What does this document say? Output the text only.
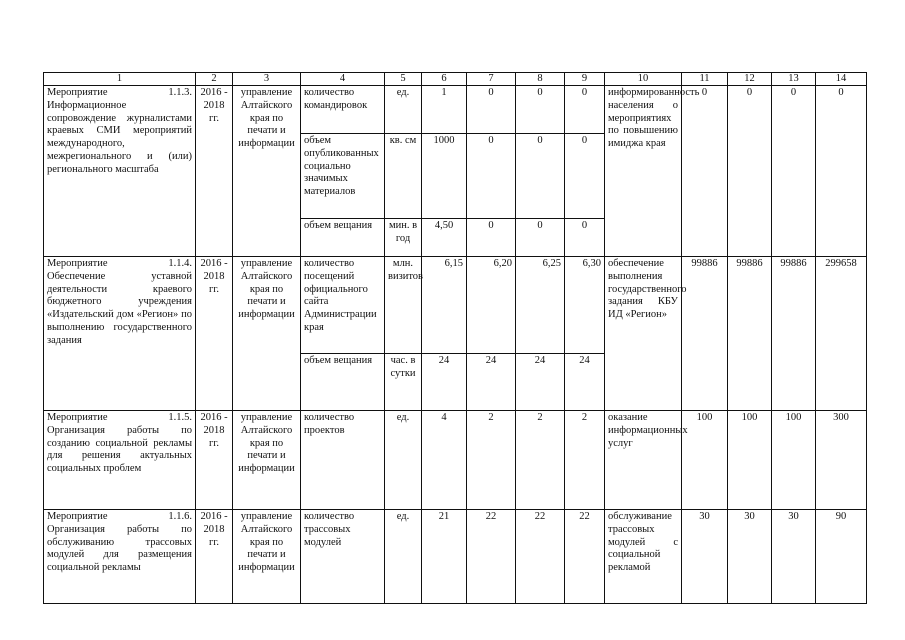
1	2	3	4	5	6	7	8	9	10	11	12	13	14
Мероприятие 1.1.3. Информационное сопровождение журналистами краевых СМИ мероприятий международного, межрегионального и (или) регионального масштаба	2016 - 2018 гг.	управление Алтайского края по печати и информации	количество командировок	ед.	1	0	0	0	информированность населения о мероприятиях по повышению имиджа края	0	0	0	0
			объем опубликованных социально значимых материалов	кв. см	1000	0	0	0					
			объем вещания	мин. в год	4,50	0	0	0					
Мероприятие 1.1.4. Обеспечение уставной деятельности краевого бюджетного учреждения «Издательский дом «Регион» по выполнению государственного задания	2016 - 2018 гг.	управление Алтайского края по печати и информации	количество посещений официального сайта Администрации края	млн. визитов	6,15	6,20	6,25	6,30	обеспечение выполнения государственного задания КБУ ИД «Регион»	99886	99886	99886	299658
			объем вещания	час. в сутки	24	24	24	24					
Мероприятие 1.1.5. Организация работы по созданию социальной рекламы для решения актуальных социальных проблем	2016 - 2018 гг.	управление Алтайского края по печати и информации	количество проектов	ед.	4	2	2	2	оказание информационных услуг	100	100	100	300
Мероприятие 1.1.6. Организация работы по обслуживанию трассовых модулей для размещения социальной рекламы	2016 - 2018 гг.	управление Алтайского края по печати и информации	количество трассовых модулей	ед.	21	22	22	22	обслуживание трассовых модулей с социальной рекламой	30	30	30	90
